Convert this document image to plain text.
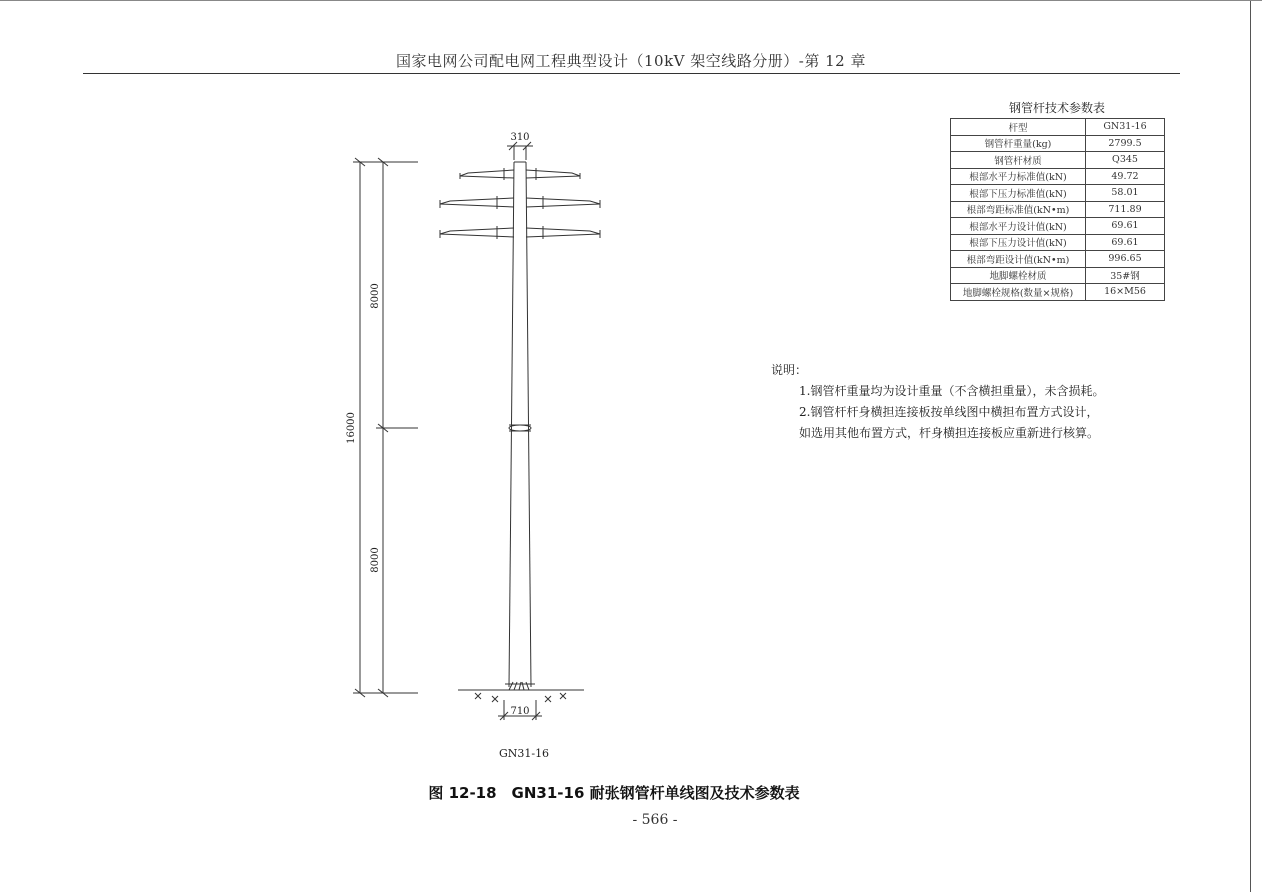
国家电网公司配电网工程典型设计（10kV 架空线路分册）-第 12 章
310
710
8000
8000
16000
GN31-16
钢管杆技术参数表
杆型	GN31-16
钢管杆重量(kg)	2799.5
钢管杆材质	Q345
根部水平力标准值(kN)	49.72
根部下压力标准值(kN)	58.01
根部弯距标准值(kN•m)	711.89
根部水平力设计值(kN)	69.61
根部下压力设计值(kN)	69.61
根部弯距设计值(kN•m)	996.65
地脚螺栓材质	35#钢
地脚螺栓规格(数量×规格)	16×M56
说明：
1.钢管杆重量均为设计重量（不含横担重量），未含损耗。
2.钢管杆杆身横担连接板按单线图中横担布置方式设计，
如选用其他布置方式，杆身横担连接板应重新进行核算。
图 12-18　GN31-16 耐张钢管杆单线图及技术参数表
- 566 -
